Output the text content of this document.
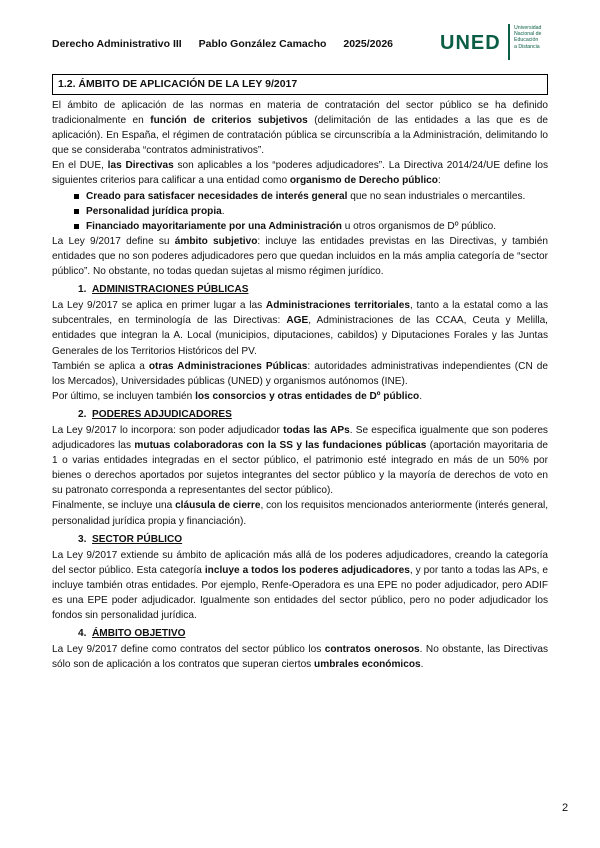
Derecho Administrativo III Pablo González Camacho 2025/2026	UNED
Universidad
Nacional de
Educación
a Distancia
1.2. ÁMBITO DE APLICACIÓN DE LA LEY 9/2017

El ámbito de aplicación de las normas en materia de contratación del sector público se ha definido tradicionalmente en función de criterios subjetivos (delimitación de las entidades a las que es de aplicación). En España, el régimen de contratación pública se circunscribía a la Administración, delimitando lo que se consideraba “contratos administrativos”.

En el DUE, las Directivas son aplicables a los “poderes adjudicadores”. La Directiva 2014/24/UE define los siguientes criterios para calificar a una entidad como organismo de Derecho público:

Creado para satisfacer necesidades de interés general que no sean industriales o mercantiles.
Personalidad jurídica propia.
Financiado mayoritariamente por una Administración u otros organismos de Dº público.

La Ley 9/2017 define su ámbito subjetivo: incluye las entidades previstas en las Directivas, y también entidades que no son poderes adjudicadores pero que quedan incluidos en la más amplia categoría de “sector público”. No obstante, no todas quedan sujetas al mismo régimen jurídico.

1. ADMINISTRACIONES PÚBLICAS

La Ley 9/2017 se aplica en primer lugar a las Administraciones territoriales, tanto a la estatal como a las subcentrales, en terminología de las Directivas: AGE, Administraciones de las CCAA, Ceuta y Melilla, entidades que integran la A. Local (municipios, diputaciones, cabildos) y Diputaciones Forales y las Juntas Generales de los Territorios Históricos del PV.

También se aplica a otras Administraciones Públicas: autoridades administrativas independientes (CN de los Mercados), Universidades públicas (UNED) y organismos autónomos (INE).

Por último, se incluyen también los consorcios y otras entidades de Dº público.

2. PODERES ADJUDICADORES

La Ley 9/2017 lo incorpora: son poder adjudicador todas las APs. Se especifica igualmente que son poderes adjudicadores las mutuas colaboradoras con la SS y las fundaciones públicas (aportación mayoritaria de 1 o varias entidades integradas en el sector público, el patrimonio esté integrado en más de un 50% por bienes o derechos aportados por sujetos integrantes del sector público y la mayoría de derechos de voto en su patronato corresponda a representantes del sector público).

Finalmente, se incluye una cláusula de cierre, con los requisitos mencionados anteriormente (interés general, personalidad jurídica propia y financiación).

3. SECTOR PÚBLICO

La Ley 9/2017 extiende su ámbito de aplicación más allá de los poderes adjudicadores, creando la categoría del sector público. Esta categoría incluye a todos los poderes adjudicadores, y por tanto a todas las APs, e incluye también otras entidades. Por ejemplo, Renfe-Operadora es una EPE no poder adjudicador, pero ADIF es una EPE poder adjudicador. Igualmente son entidades del sector público, pero no poder adjudicador los fondos sin personalidad jurídica.

4. ÁMBITO OBJETIVO

La Ley 9/2017 define como contratos del sector público los contratos onerosos. No obstante, las Directivas sólo son de aplicación a los contratos que superan ciertos umbrales económicos.

2
